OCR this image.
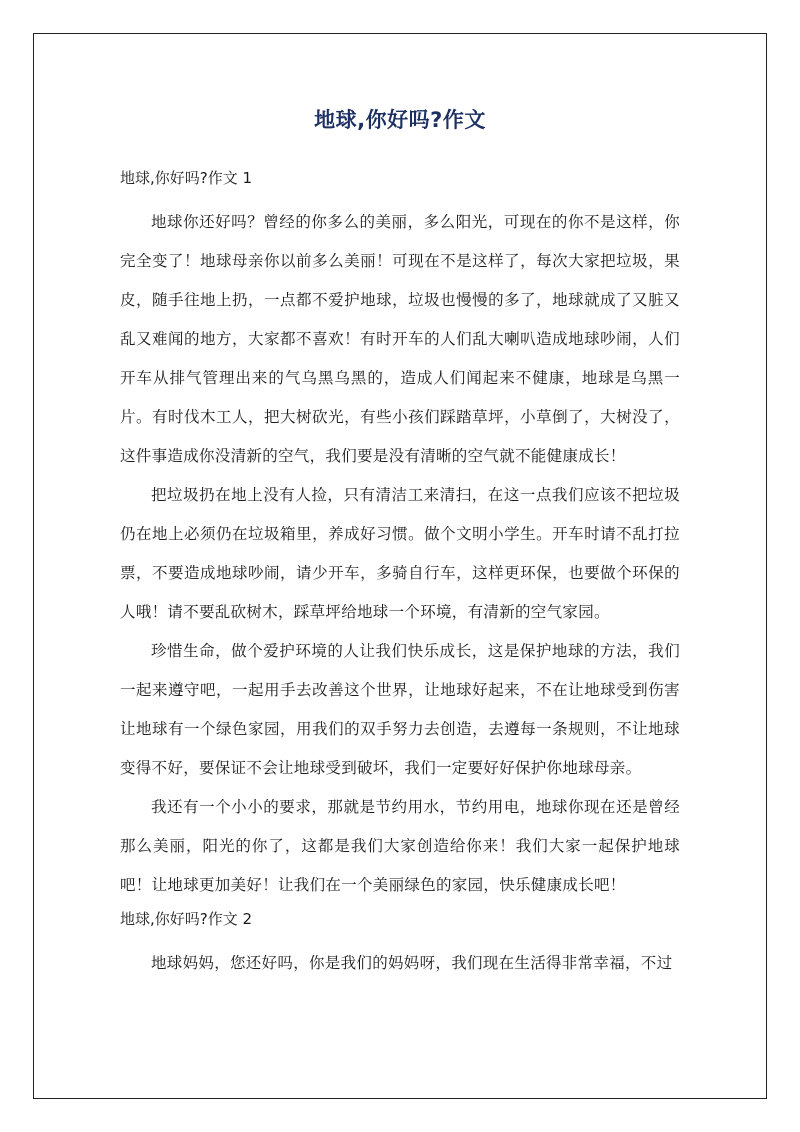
地球,你好吗?作文

地球,你好吗?作文 1

地球你还好吗？曾经的你多么的美丽，多么阳光，可现在的你不是这样，你完全变了！地球母亲你以前多么美丽！可现在不是这样了，每次大家把垃圾，果皮，随手往地上扔，一点都不爱护地球，垃圾也慢慢的多了，地球就成了又脏又乱又难闻的地方，大家都不喜欢！有时开车的人们乱大喇叭造成地球吵闹，人们开车从排气管理出来的气乌黑乌黑的，造成人们闻起来不健康，地球是乌黑一片。有时伐木工人，把大树砍光，有些小孩们踩踏草坪，小草倒了，大树没了，这件事造成你没清新的空气，我们要是没有清晰的空气就不能健康成长！

把垃圾扔在地上没有人捡，只有清洁工来清扫，在这一点我们应该不把垃圾仍在地上必须仍在垃圾箱里，养成好习惯。做个文明小学生。开车时请不乱打拉票，不要造成地球吵闹，请少开车，多骑自行车，这样更环保，也要做个环保的人哦！请不要乱砍树木，踩草坪给地球一个环境，有清新的空气家园。

珍惜生命，做个爱护环境的人让我们快乐成长，这是保护地球的方法，我们一起来遵守吧，一起用手去改善这个世界，让地球好起来，不在让地球受到伤害让地球有一个绿色家园，用我们的双手努力去创造，去遵每一条规则，不让地球变得不好，要保证不会让地球受到破坏，我们一定要好好保护你地球母亲。

我还有一个小小的要求，那就是节约用水，节约用电，地球你现在还是曾经那么美丽，阳光的你了，这都是我们大家创造给你来！我们大家一起保护地球吧！让地球更加美好！让我们在一个美丽绿色的家园，快乐健康成长吧！

地球,你好吗?作文 2

地球妈妈，您还好吗，你是我们的妈妈呀，我们现在生活得非常幸福，不过
